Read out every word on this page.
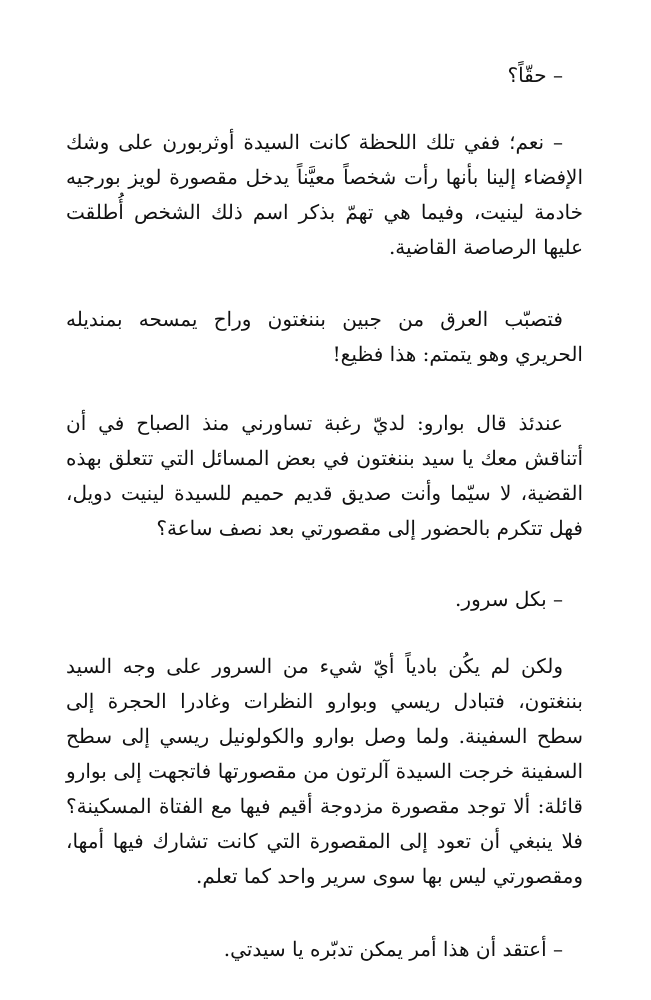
– حقّاً؟

– نعم؛ ففي تلك اللحظة كانت السيدة أوثربورن على وشك الإفضاء إلينا بأنها رأت شخصاً معيَّناً يدخل مقصورة لويز بورجيه خادمة لينيت، وفيما هي تهمّ بذكر اسم ذلك الشخص أُطلقت عليها الرصاصة القاضية.

فتصبّب العرق من جبين بننغتون وراح يمسحه بمنديله الحريري وهو يتمتم: هذا فظيع!

عندئذ قال بوارو: لديّ رغبة تساورني منذ الصباح في أن أتناقش معك يا سيد بننغتون في بعض المسائل التي تتعلق بهذه القضية، لا سيّما وأنت صديق قديم حميم للسيدة لينيت دويل، فهل تتكرم بالحضور إلى مقصورتي بعد نصف ساعة؟

– بكل سرور.

ولكن لم يكُن بادياً أيّ شيء من السرور على وجه السيد بننغتون، فتبادل ريسي وبوارو النظرات وغادرا الحجرة إلى سطح السفينة. ولما وصل بوارو والكولونيل ريسي إلى سطح السفينة خرجت السيدة آلرتون من مقصورتها فاتجهت إلى بوارو قائلة: ألا توجد مقصورة مزدوجة أقيم فيها مع الفتاة المسكينة؟ فلا ينبغي أن تعود إلى المقصورة التي كانت تشارك فيها أمها، ومقصورتي ليس بها سوى سرير واحد كما تعلم.

– أعتقد أن هذا أمر يمكن تدبّره يا سيدتي.
